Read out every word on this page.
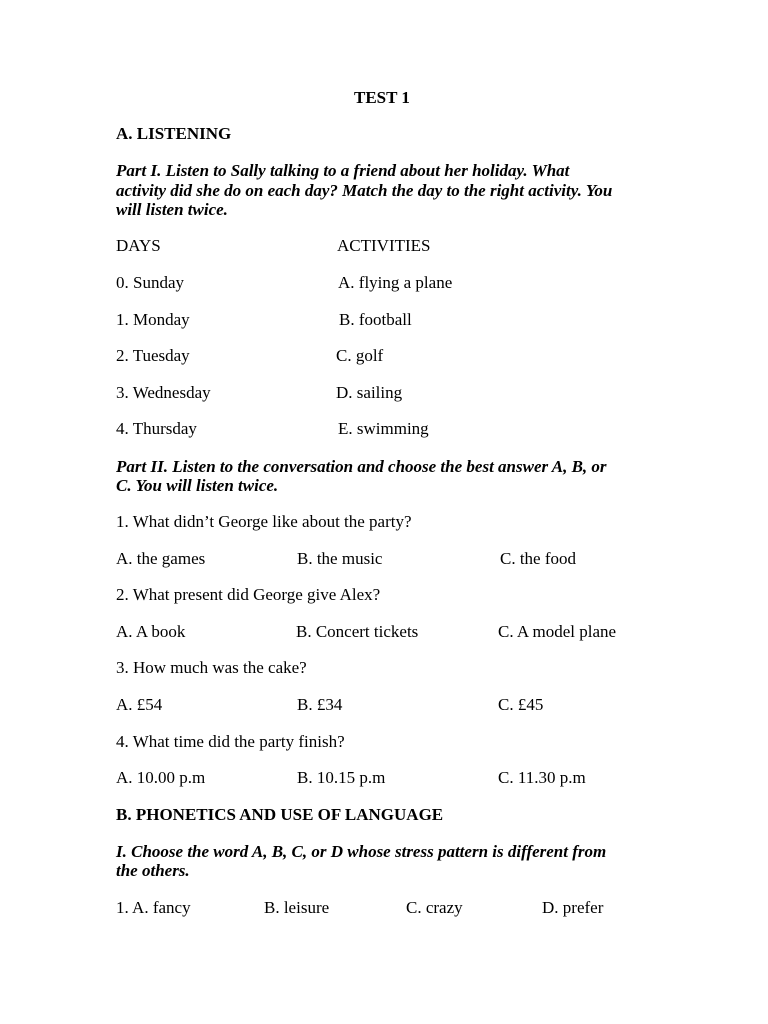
TEST 1
A. LISTENING
Part I. Listen to Sally talking to a friend about her holiday. What
activity did she do on each day? Match the day to the right activity. You
will listen twice.
DAYS	ACTIVITIES
0. Sunday	A. flying a plane
1. Monday	B. football
2. Tuesday	C. golf
3. Wednesday	D. sailing
4. Thursday	E. swimming
Part II. Listen to the conversation and choose the best answer A, B, or
C. You will listen twice.
1. What didn’t George like about the party?
A. the games	B. the music	C. the food
2. What present did George give Alex?
A. A book	B. Concert tickets	C. A model plane
3. How much was the cake?
A. £54	B. £34	C. £45
4. What time did the party finish?
A. 10.00 p.m	B. 10.15 p.m	C. 11.30 p.m
B. PHONETICS AND USE OF LANGUAGE
I. Choose the word A, B, C, or D whose stress pattern is different from
the others.
1. A. fancy	B. leisure	C. crazy	D. prefer
